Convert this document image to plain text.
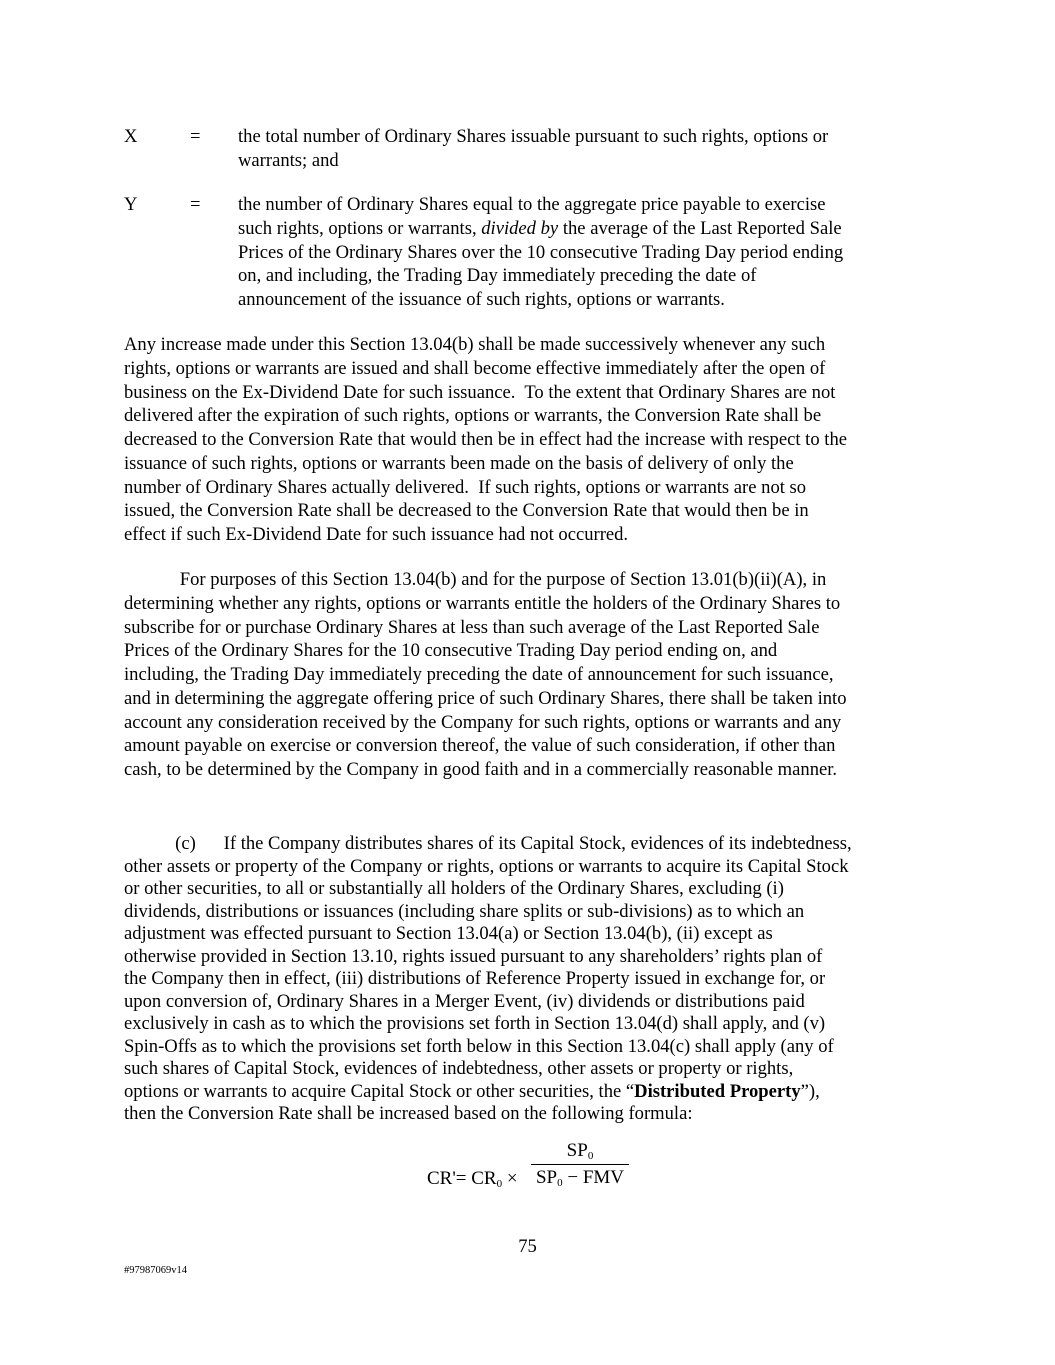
X	= the total number of Ordinary Shares issuable pursuant to such rights, options or
warrants; and
Y	= the number of Ordinary Shares equal to the aggregate price payable to exercise
such rights, options or warrants, divided by the average of the Last Reported Sale
Prices of the Ordinary Shares over the 10 consecutive Trading Day period ending
on, and including, the Trading Day immediately preceding the date of
announcement of the issuance of such rights, options or warrants.
Any increase made under this Section 13.04(b) shall be made successively whenever any such
rights, options or warrants are issued and shall become effective immediately after the open of
business on the Ex-Dividend Date for such issuance.  To the extent that Ordinary Shares are not
delivered after the expiration of such rights, options or warrants, the Conversion Rate shall be
decreased to the Conversion Rate that would then be in effect had the increase with respect to the
issuance of such rights, options or warrants been made on the basis of delivery of only the
number of Ordinary Shares actually delivered.  If such rights, options or warrants are not so
issued, the Conversion Rate shall be decreased to the Conversion Rate that would then be in
effect if such Ex-Dividend Date for such issuance had not occurred.
For purposes of this Section 13.04(b) and for the purpose of Section 13.01(b)(ii)(A), in
determining whether any rights, options or warrants entitle the holders of the Ordinary Shares to
subscribe for or purchase Ordinary Shares at less than such average of the Last Reported Sale
Prices of the Ordinary Shares for the 10 consecutive Trading Day period ending on, and
including, the Trading Day immediately preceding the date of announcement for such issuance,
and in determining the aggregate offering price of such Ordinary Shares, there shall be taken into
account any consideration received by the Company for such rights, options or warrants and any
amount payable on exercise or conversion thereof, the value of such consideration, if other than
cash, to be determined by the Company in good faith and in a commercially reasonable manner.
(c)      If the Company distributes shares of its Capital Stock, evidences of its indebtedness,
other assets or property of the Company or rights, options or warrants to acquire its Capital Stock
or other securities, to all or substantially all holders of the Ordinary Shares, excluding (i)
dividends, distributions or issuances (including share splits or sub-divisions) as to which an
adjustment was effected pursuant to Section 13.04(a) or Section 13.04(b), (ii) except as
otherwise provided in Section 13.10, rights issued pursuant to any shareholders’ rights plan of
the Company then in effect, (iii) distributions of Reference Property issued in exchange for, or
upon conversion of, Ordinary Shares in a Merger Event, (iv) dividends or distributions paid
exclusively in cash as to which the provisions set forth in Section 13.04(d) shall apply, and (v)
Spin-Offs as to which the provisions set forth below in this Section 13.04(c) shall apply (any of
such shares of Capital Stock, evidences of indebtedness, other assets or property or rights,
options or warrants to acquire Capital Stock or other securities, the “Distributed Property”),
then the Conversion Rate shall be increased based on the following formula:
$CR'= CR_0$ ×
$SP_0$
$SP_0$ − FMV
75
#97987069v14
